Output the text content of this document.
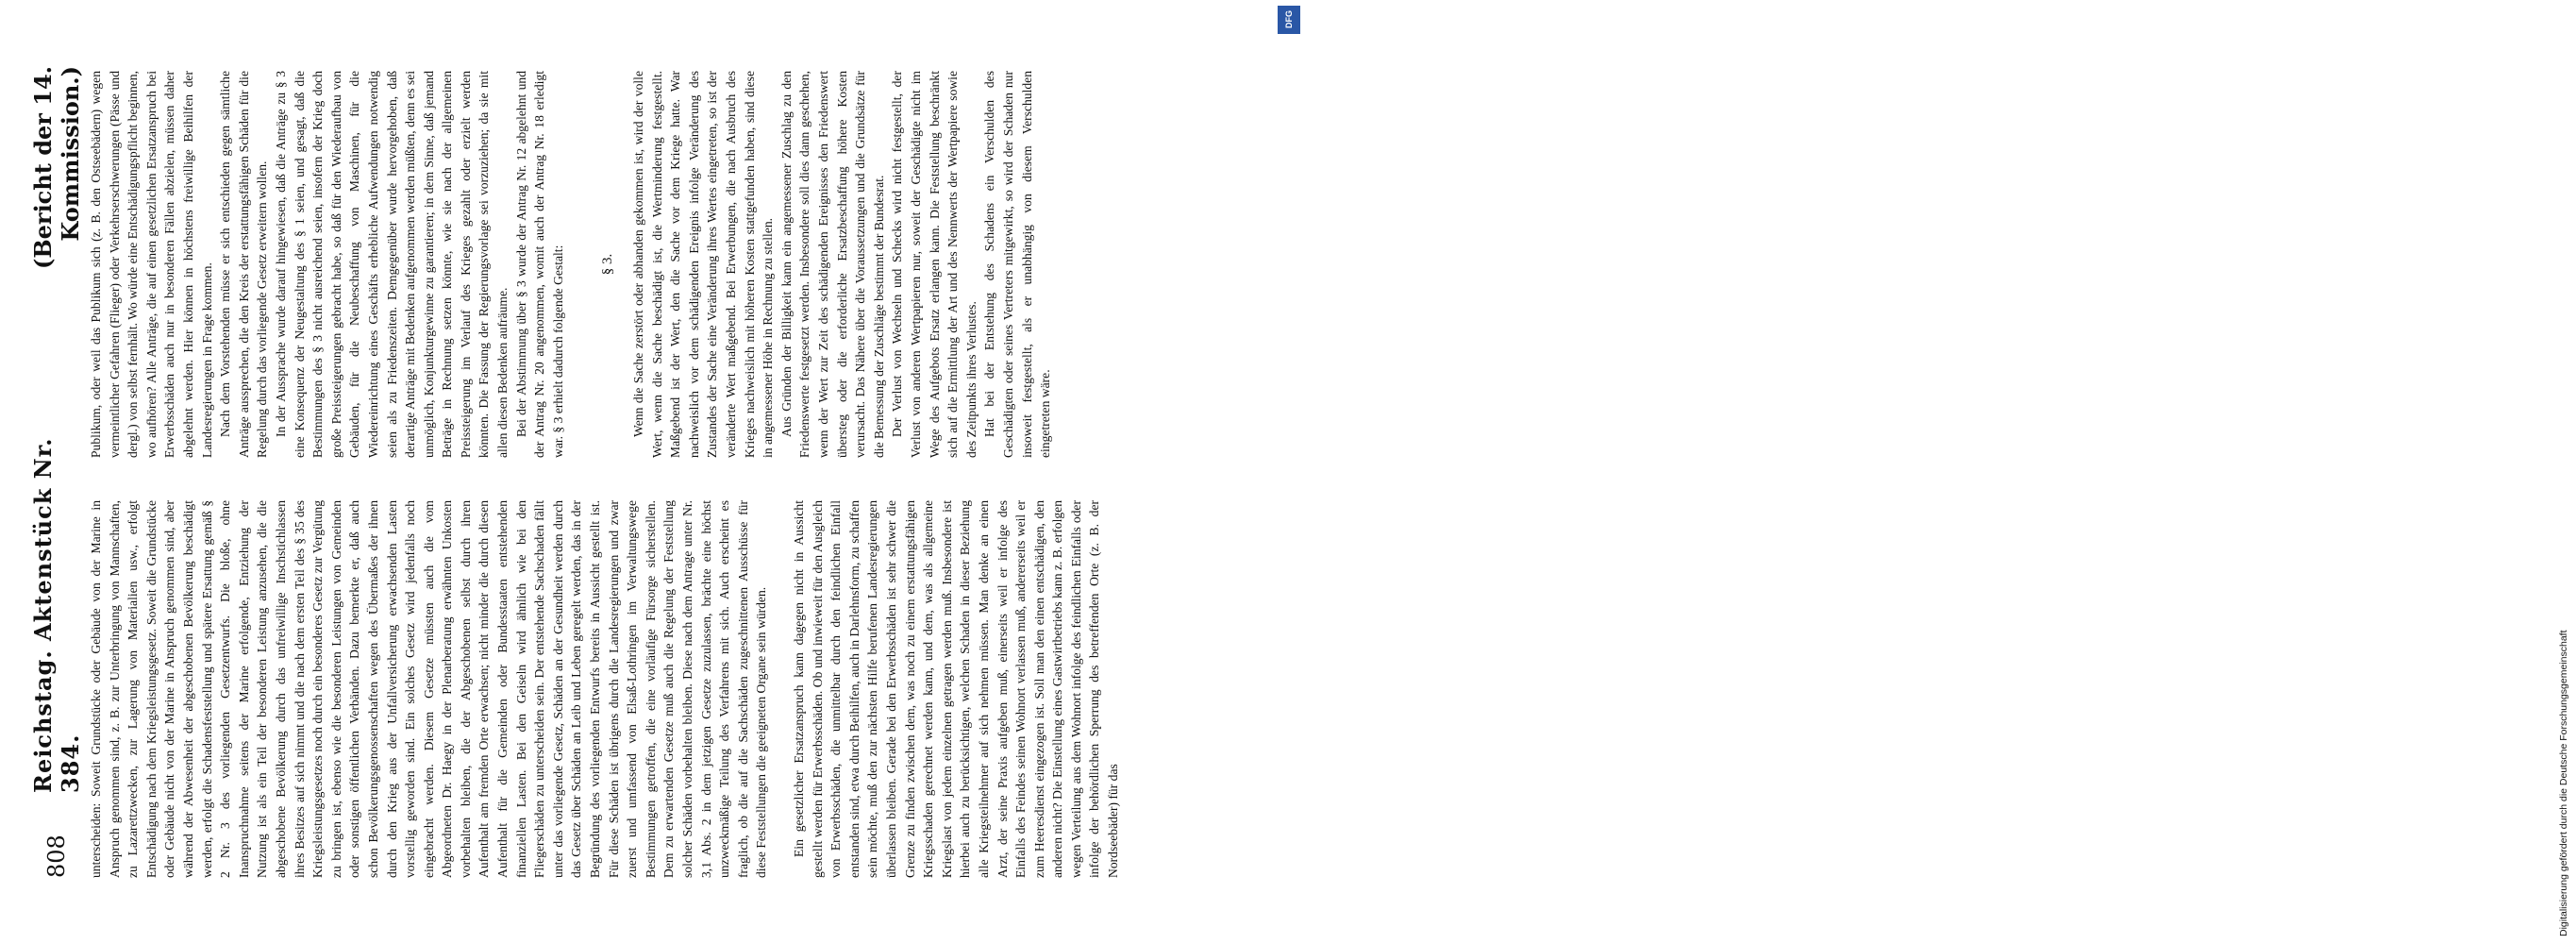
808
Reichstag. Aktenstück Nr. 384.
(Bericht der 14. Kommission.)

unterscheiden: Soweit Grundstücke oder Gebäude von der Marine in Anspruch genommen sind, z. B. zur Unterbringung von Mannschaften, zu Lazarettzwecken, zur Lagerung von Materialien usw., erfolgt Entschädigung nach dem Kriegsleistungsgesetz. Soweit die Grundstücke oder Gebäude nicht von der Marine in Anspruch genommen sind, aber während der Abwesenheit der abgeschobenen Bevölkerung beschädigt werden, erfolgt die Schadensfeststellung und spätere Ersattung gemäß § 2 Nr. 3 des vorliegenden Gesetzentwurfs. Die bloße, ohne Inanspruchnahme seitens der Marine erfolgende, Entziehung der Nutzung ist als ein Teil der besonderen Leistung anzusehen, die die abgeschobene Bevölkerung durch das unfreiwillige Inschstichlassen ihres Besitzes auf sich nimmt und die nach dem ersten Teil des § 35 des Kriegsleistungsgesetzes noch durch ein besonderes Gesetz zur Vergütung zu bringen ist, ebenso wie die besonderen Leistungen von Gemeinden oder sonstigen öffentlichen Verbänden. Dazu bemerkte er, daß auch schon Bevölkerungsgenossenschaften wegen des Übermaßes der ihnen durch den Krieg aus der Unfallversicherung erwachsenden Lasten vorstellig geworden sind. Ein solches Gesetz wird jedenfalls noch eingebracht werden. Diesem Gesetze müssten auch die vom Abgeordneten Dr. Haegy in der Plenarberatung erwähnten Unkosten vorbehalten bleiben, die der Abgeschobenen selbst durch ihren Aufenthalt am fremden Orte erwachsen; nicht minder die durch diesen Aufenthalt für die Gemeinden oder Bundesstaaten entstehenden finanziellen Lasten. Bei den Geiseln wird ähnlich wie bei den Fliegerschäden zu unterscheiden sein. Der entstehende Sachschaden fällt unter das vorliegende Gesetz, Schäden an der Gesundheit werden durch das Gesetz über Schäden an Leib und Leben geregelt werden, das in der Begründung des vorliegenden Entwurfs bereits in Aussicht gestellt ist. Für diese Schäden ist übrigens durch die Landesregierungen und zwar zuerst und umfassend von Elsaß-Lothringen im Verwaltungswege Bestimmungen getroffen, die eine vorläufige Fürsorge sicherstellen. Dem zu erwartenden Gesetze muß auch die Regelung der Feststellung solcher Schäden vorbehalten bleiben. Diese nach dem Antrage unter Nr. 3,1 Abs. 2 in dem jetzigen Gesetze zuzulassen, brächte eine höchst unzweckmäßige Teilung des Verfahrens mit sich. Auch erscheint es fraglich, ob die auf die Sachschäden zugeschnittenen Ausschüsse für diese Feststellungen die geeigneten Organe sein würden. Ein gesetzlicher Ersatzanspruch kann dagegen nicht in Aussicht gestellt werden für Erwerbsschäden. Ob und inwieweit für den Ausgleich von Erwerbsschäden, die unmittelbar durch den feindlichen Einfall entstanden sind, etwa durch Beihilfen, auch in Darlehnsform, zu schaffen sein möchte, muß den zur nächsten Hilfe berufenen Landesregierungen überlassen bleiben. Gerade bei den Erwerbsschäden ist sehr schwer die Grenze zu finden zwischen dem, was noch zu einem erstattungsfähigen Kriegsschaden gerechnet werden kann, und dem, was als allgemeine Kriegslast von jedem einzelnen getragen werden muß. Insbesondere ist hierbei auch zu berücksichtigen, welchen Schaden in dieser Beziehung alle Kriegsteilnehmer auf sich nehmen müssen. Man denke an einen Arzt, der seine Praxis aufgeben muß, einerseits weil er infolge des Einfalls des Feindes seinen Wohnort verlassen muß, andererseits weil er zum Heeresdienst eingezogen ist. Soll man den einen entschädigen, den anderen nicht? Die Einstellung eines Gastwirtbetriebs kann z. B. erfolgen wegen Verteilung aus dem Wohnort infolge des feindlichen Einfalls oder infolge der behördlichen Sperrung des betreffenden Orte (z. B. der Nordseebäder) für das

Publikum, oder weil das Publikum sich (z. B. den Ostseebädern) wegen vermeintlicher Gefahren (Flieger) oder Verkehrserschwerungen (Pässe und dergl.) von selbst fernhält. Wo würde eine Entschädigungspflicht beginnen, wo aufhören? Alle Anträge, die auf einen gesetzlichen Ersatzanspruch bei Erwerbsschäden auch nur in besonderen Fällen abzielen, müssen daher abgelehnt werden. Hier können in höchstens freiwillige Beihilfen der Landesregierungen in Frage kommen. Nach dem Vorstehenden müsse er sich entschieden gegen sämtliche Anträge aussprechen, die den Kreis der erstattungsfähigen Schäden für die Regelung durch das vorliegende Gesetz erweitern wollen. In der Aussprache wurde darauf hingewiesen, daß die Anträge zu § 3 eine Konsequenz der Neugestaltung des § 1 seien, und gesagt, daß die Bestimmungen des § 3 nicht ausreichend seien, insofern der Krieg doch große Preissteigerungen gebracht habe, so daß für den Wiederaufbau von Gebäuden, für die Neubeschaffung von Maschinen, für die Wiedereinrichtung eines Geschäfts erhebliche Aufwendungen notwendig seien als zu Friedenszeiten. Demgegenüber wurde hervorgehoben, daß derartige Anträge mit Bedenken aufgenommen werden müßten, denn es sei unmöglich, Konjunkturgewinne zu garantieren; in dem Sinne, daß jemand Beträge in Rechnung setzen könnte, wie sie nach der allgemeinen Preissteigerung im Verlauf des Krieges gezahlt oder erzielt werden könnten. Die Fassung der Regierungsvorlage sei vorzuziehen; da sie mit allen diesen Bedenken aufräume. Bei der Abstimmung über § 3 wurde der Antrag Nr. 12 abgelehnt und der Antrag Nr. 20 angenommen, womit auch der Antrag Nr. 18 erledigt war. § 3 erhielt dadurch folgende Gestalt:	§ 3. Wenn die Sache zerstört oder abhanden gekommen ist, wird der volle Wert, wenn die Sache beschädigt ist, die Wertminderung festgestellt. Maßgebend ist der Wert, den die Sache vor dem Kriege hatte. War nachweislich vor dem schädigenden Ereignis infolge Veränderung des Zustandes der Sache eine Veränderung ihres Wertes eingetreten, so ist der veränderte Wert maßgebend. Bei Erwerbungen, die nach Ausbruch des Krieges nachweislich mit höheren Kosten stattgefunden haben, sind diese in angemessener Höhe in Rechnung zu stellen. Aus Gründen der Billigkeit kann ein angemessener Zuschlag zu den Friedenswerte festgesetzt werden. Insbesondere soll dies dann geschehen, wenn der Wert zur Zeit des schädigenden Ereignisses den Friedenswert übersteg oder die erforderliche Ersatzbeschaffung höhere Kosten verursacht. Das Nähere über die Voraussetzungen und die Grundsätze für die Bemessung der Zuschläge bestimmt der Bundesrat. Der Verlust von Wechseln und Schecks wird nicht festgestellt, der Verlust von anderen Wertpapieren nur, soweit der Geschädigte nicht im Wege des Aufgebots Ersatz erlangen kann. Die Feststellung beschränkt sich auf die Ermittlung der Art und des Nennwerts der Wertpapiere sowie des Zeitpunkts ihres Verlustes. Hat bei der Entstehung des Schadens ein Verschulden des Geschädigten oder seines Vertreters mitgewirkt, so wird der Schaden nur insoweit festgestellt, als er unabhängig von diesem Verschulden eingetreten wäre.

DFG
Digitalisierung gefördert durch die Deutsche Forschungsgemeinschaft
